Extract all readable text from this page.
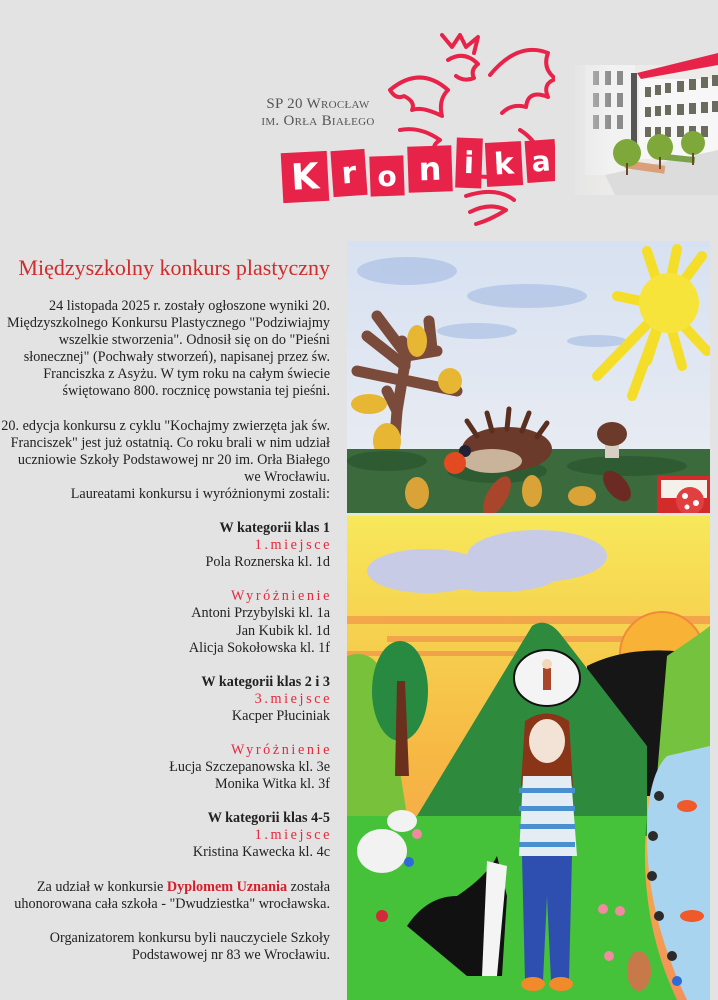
SP 20 Wrocław
im. Orła Białego
K r o n i k a
Międzyszkolny konkurs plastyczny

24 listopada 2025 r. zostały ogłoszone wyniki 20. Międzyszkolnego Konkursu Plastycznego "Podziwiajmy wszelkie stworzenia". Odnosił się on do "Pieśni słonecznej" (Pochwały stworzeń), napisanej przez św. Franciszka z Asyżu. W tym roku na całym świecie świętowano 800. rocznicę powstania tej pieśni.

20. edycja konkursu z cyklu "Kochajmy zwierzęta jak św. Franciszek" jest już ostatnią. Co roku brali w nim udział uczniowie Szkoły Podstawowej nr 20 im. Orła Białego we Wrocławiu.
Laureatami konkursu i wyróżnionymi zostali:

W kategorii klas 1
1.miejsce
Pola Roznerska kl. 1d

Wyróżnienie
Antoni Przybylski kl. 1a
Jan Kubik kl. 1d
Alicja Sokołowska kl. 1f

W kategorii klas 2 i 3
3.miejsce
Kacper Płuciniak

Wyróżnienie
Łucja Szczepanowska kl. 3e
Monika Witka kl. 3f

W kategorii klas 4-5
1.miejsce
Kristina Kawecka kl. 4c

Za udział w konkursie Dyplomem Uznania została uhonorowana cała szkoła - "Dwudziestka" wrocławska.

Organizatorem konkursu byli nauczyciele Szkoły Podstawowej nr 83 we Wrocławiu.
